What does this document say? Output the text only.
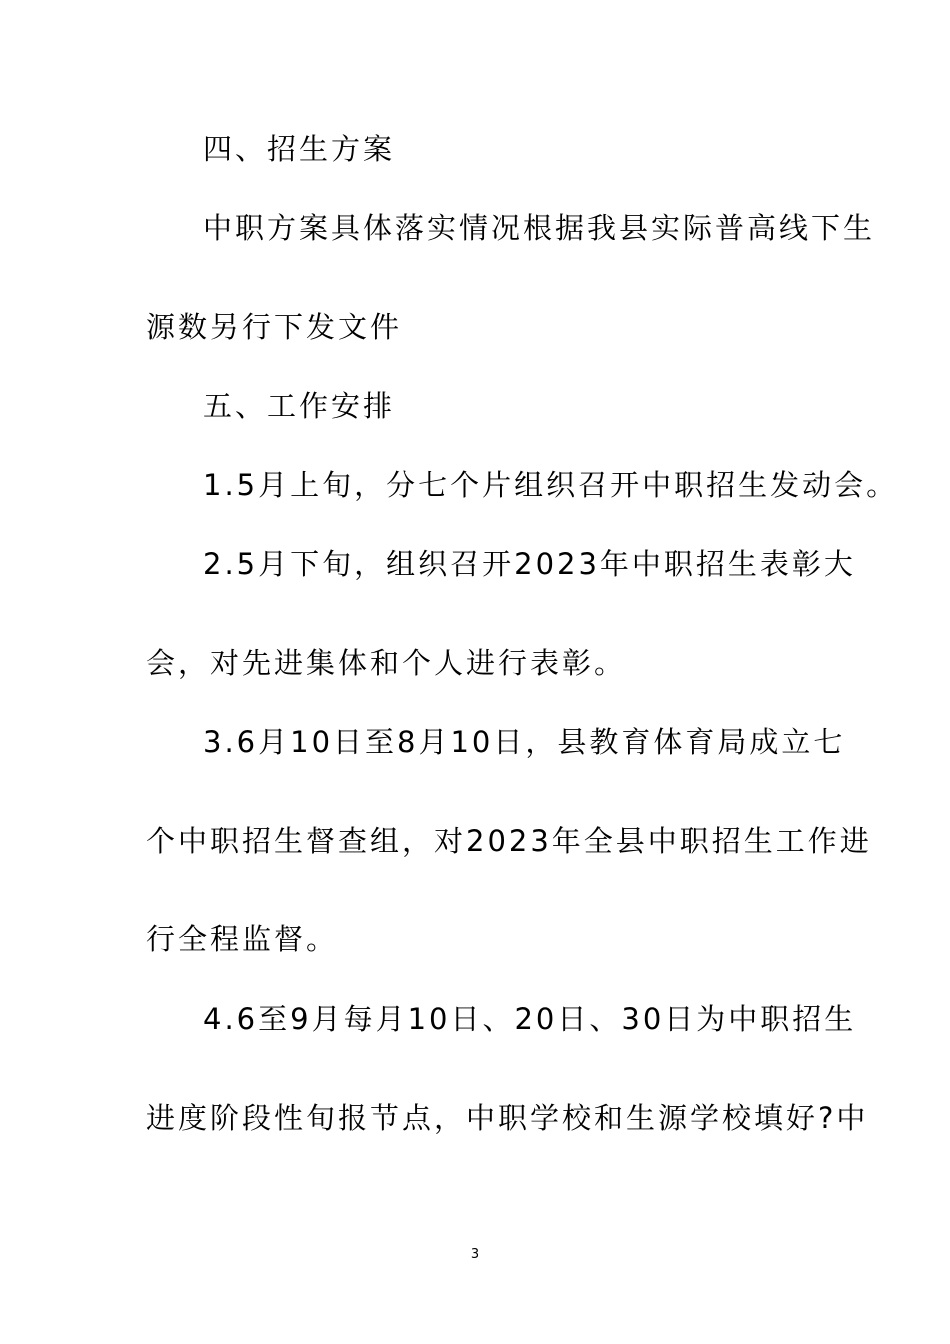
四、招生方案
中职方案具体落实情况根据我县实际普高线下生
源数另行下发文件
五、工作安排
1.5月上旬，分七个片组织召开中职招生发动会。
2.5月下旬，组织召开2023年中职招生表彰大
会，对先进集体和个人进行表彰。
3.6月10日至8月10日，县教育体育局成立七
个中职招生督查组，对2023年全县中职招生工作进
行全程监督。
4.6至9月每月10日、20日、30日为中职招生
进度阶段性旬报节点，中职学校和生源学校填好?中
3
